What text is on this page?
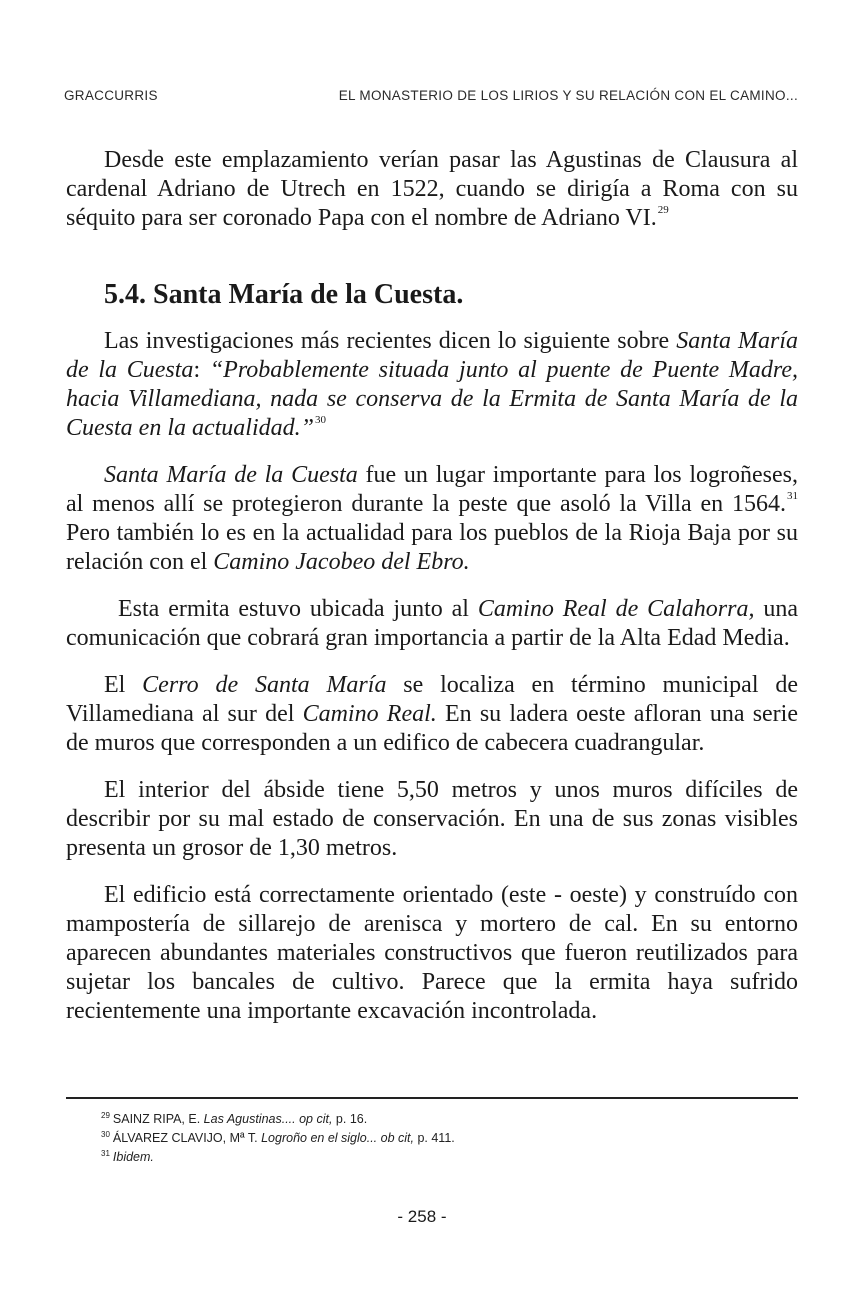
GRACCURRIS	EL MONASTERIO DE LOS LIRIOS Y SU RELACIÓN CON EL CAMINO...

Desde este emplazamiento verían pasar las Agustinas de Clausura al cardenal Adriano de Utrech en 1522, cuando se dirigía a Roma con su séquito para ser coronado Papa con el nombre de Adriano VI.$^{29}$

5.4. Santa María de la Cuesta.

Las investigaciones más recientes dicen lo siguiente sobre Santa María de la Cuesta: “Probablemente situada junto al puente de Puente Madre, hacia Villamediana, nada se conserva de la Ermita de Santa María de la Cuesta en la actualidad.”$^{30}$

Santa María de la Cuesta fue un lugar importante para los logroñeses, al menos allí se protegieron durante la peste que asoló la Villa en 1564.31 Pero también lo es en la actualidad para los pueblos de la Rioja Baja por su relación con el Camino Jacobeo del Ebro.

Esta ermita estuvo ubicada junto al Camino Real de Calahorra, una comunicación que cobrará gran importancia a partir de la Alta Edad Media.

El Cerro de Santa María se localiza en término municipal de Villamediana al sur del Camino Real. En su ladera oeste afloran una serie de muros que corresponden a un edifico de cabecera cuadrangular.

El interior del ábside tiene 5,50 metros y unos muros difíciles de describir por su mal estado de conservación. En una de sus zonas visibles presenta un grosor de 1,30 metros.

El edificio está correctamente orientado (este - oeste) y construído con mampostería de sillarejo de arenisca y mortero de cal. En su entorno aparecen abundantes materiales constructivos que fueron reutilizados para sujetar los bancales de cultivo. Parece que la ermita haya sufrido recientemente una importante excavación incontrolada.

$^{29}$ SAINZ RIPA, E. Las Agustinas.... op cit, p. 16.
$^{30}$ ÁLVAREZ CLAVIJO, Mª T. Logroño en el siglo... ob cit, p. 411.
$^{31}$ Ibidem.
- 258 -
